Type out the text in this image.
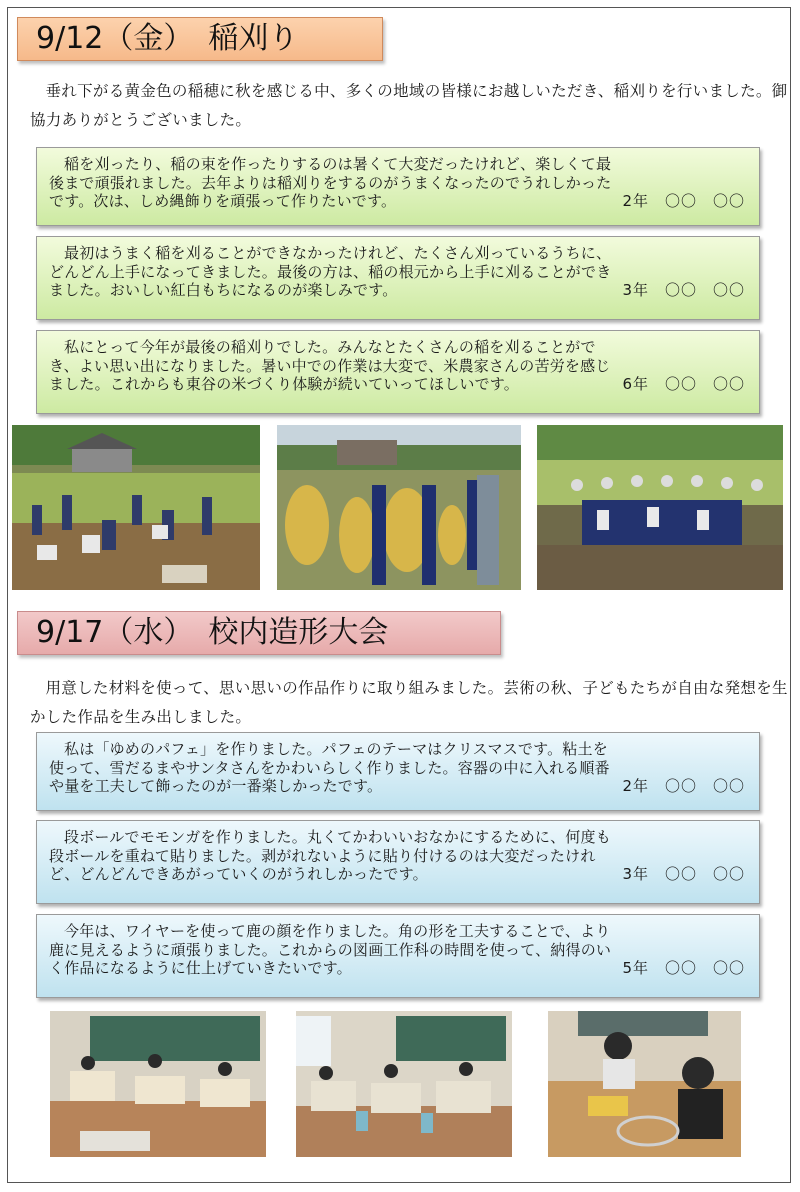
9/12（金）　稲刈り
垂れ下がる黄金色の稲穂に秋を感じる中、多くの地域の皆様にお越しいただき、稲刈りを行いました。御協力ありがとうございました。
2年　〇〇　〇〇
稲を刈ったり、稲の束を作ったりするのは暑くて大変だったけれど、楽しくて最後まで頑張れました。去年よりは稲刈りをするのがうまくなったのでうれしかったです。次は、しめ縄飾りを頑張って作りたいです。
3年　〇〇　〇〇
最初はうまく稲を刈ることができなかったけれど、たくさん刈っているうちに、どんどん上手になってきました。最後の方は、稲の根元から上手に刈ることができました。おいしい紅白もちになるのが楽しみです。
6年　〇〇　〇〇
私にとって今年が最後の稲刈りでした。みんなとたくさんの稲を刈ることができ、よい思い出になりました。暑い中での作業は大変で、米農家さんの苦労を感じました。これからも東谷の米づくり体験が続いていってほしいです。
9/17（水）　校内造形大会
用意した材料を使って、思い思いの作品作りに取り組みました。芸術の秋、子どもたちが自由な発想を生かした作品を生み出しました。
2年　〇〇　〇〇
私は「ゆめのパフェ」を作りました。パフェのテーマはクリスマスです。粘土を使って、雪だるまやサンタさんをかわいらしく作りました。容器の中に入れる順番や量を工夫して飾ったのが一番楽しかったです。
3年　〇〇　〇〇
段ボールでモモンガを作りました。丸くてかわいいおなかにするために、何度も段ボールを重ねて貼りました。剥がれないように貼り付けるのは大変だったけれど、どんどんできあがっていくのがうれしかったです。
5年　〇〇　〇〇
今年は、ワイヤーを使って鹿の顔を作りました。角の形を工夫することで、より鹿に見えるように頑張りました。これからの図画工作科の時間を使って、納得のいく作品になるように仕上げていきたいです。
